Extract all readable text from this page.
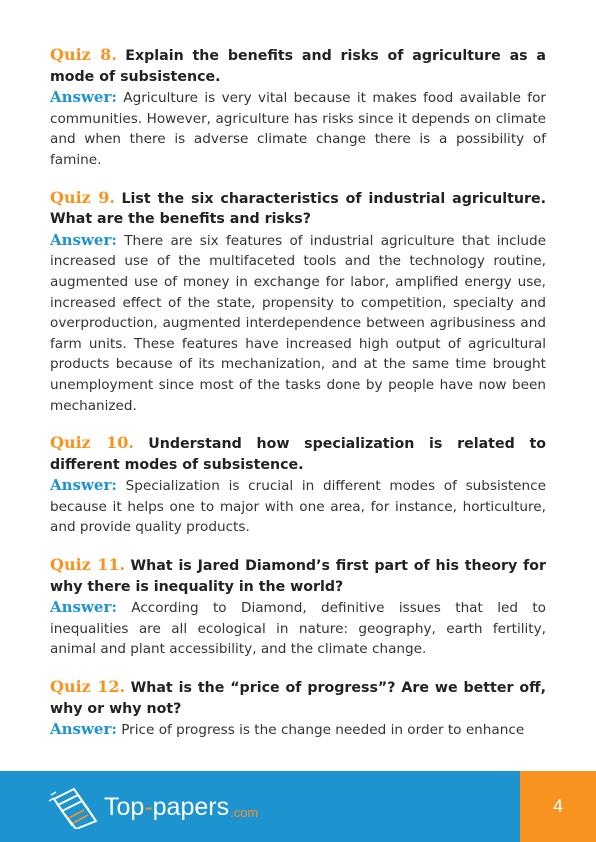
Quiz 8. Explain the benefits and risks of agriculture as a mode of subsistence.

Answer: Agriculture is very vital because it makes food available for communities. However, agriculture has risks since it depends on climate and when there is adverse climate change there is a possibility of famine.

Quiz 9. List the six characteristics of industrial agriculture. What are the benefits and risks?

Answer: There are six features of industrial agriculture that include increased use of the multifaceted tools and the technology routine, augmented use of money in exchange for labor, amplified energy use, increased effect of the state, propensity to competition, specialty and overproduction, augmented interdependence between agribusiness and farm units. These features have increased high output of agricultural products because of its mechanization, and at the same time brought unemployment since most of the tasks done by people have now been mechanized.

Quiz 10. Understand how specialization is related to different modes of subsistence.

Answer: Specialization is crucial in different modes of subsistence because it helps one to major with one area, for instance, horticulture, and provide quality products.

Quiz 11. What is Jared Diamond’s first part of his theory for why there is inequality in the world?

Answer: According to Diamond, definitive issues that led to inequalities are all ecological in nature: geography, earth fertility, animal and plant accessibility, and the climate change.

Quiz 12. What is the “price of progress”? Are we better off, why or why not?

Answer: Price of progress is the change needed in order to enhance

Top-papers .com	4
